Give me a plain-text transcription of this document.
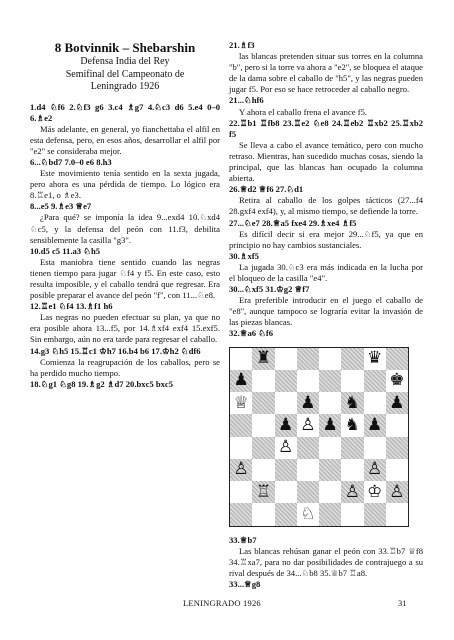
8 Botvinnik – Shebarshin
Defensa India del Rey
Semifinal del Campeonato de
Leningrado 1926

1.d4 ♘f6 2.♘f3 g6 3.c4 ♗g7 4.♘c3 d6 5.e4 0–0 6.♗e2

Más adelante, en general, yo fianchettaba el alfil en esta defensa, pero, en esos años, desarrollar el alfil por "e2" se consideraba mejor.

6...♘bd7 7.0–0 e6 8.h3

Este movimiento tenía sentido en la sexta jugada, pero ahora es una pérdida de tiempo. Lo lógico era 8.♖e1, o ♗e3.

8...e5 9.♗e3 ♕e7

¿Para qué? se imponía la idea 9...exd4 10.♘xd4 ♘c5, y la defensa del peón con 11.f3, debilita sensiblemente la casilla "g3".

10.d5 c5 11.a3 ♘h5

Esta maniobra tiene sentido cuando las negras tienen tiempo para jugar ♘f4 y f5. En este caso, esto resulta imposible, y el caballo tendrá que regresar. Era posible preparar el avance del peón "f", con 11...♘e8.

12.♖e1 ♘f4 13.♗f1 h6

Las negras no pueden efectuar su plan, ya que no era posible ahora 13...f5, por 14.♗xf4 exf4 15.exf5. Sin embargo, aún no era tarde para regresar el caballo.

14.g3 ♘h5 15.♖c1 ♔h7 16.b4 b6 17.♔h2 ♘df6

Comienza la reagrupación de los caballos, pero se ha perdido mucho tiempo.

18.♘g1 ♘g8 19.♗g2 ♗d7 20.bxc5 bxc5

21.♗f3

las blancas pretenden situar sus torres en la columna "b", pero si la torre va ahora a "e2", se bloquea el ataque de la dama sobre el caballo de "h5", y las negras pueden jugar f5. Por eso se hace retroceder al caballo negro.

21...♘hf6

Y ahora el caballo frena el avance f5.

22.♖b1 ♖fb8 23.♖e2 ♘e8 24.♖eb2 ♖xb2 25.♖xb2 f5

Se lleva a cabo el avance temático, pero con mucho retraso. Mientras, han sucedido muchas cosas, siendo la principal, que las blancas han ocupado la columna abierta.

26.♕d2 ♕f6 27.♘d1

Retira al caballo de los golpes tácticos (27...f4 28.gxf4 exf4), y, al mismo tiempo, se defiende la torre.

27...♘e7 28.♕a5 fxe4 29.♗xe4 ♗f5

Es difícil decir si era mejor 29...♘f5, ya que en principio no hay cambios sustanciales.

30.♗xf5

La jugada 30.♘c3 era más indicada en la lucha por el bloqueo de la casilla "e4".

30...♘xf5 31.♔g2 ♕f7

Era preferible introducir en el juego el caballo de "e8", aunque tampoco se lograría evitar la invasión de las piezas blancas.

32.♕a6 ♘f6

♜	♛
♟	♚
♕	♟ ♞ ♟
♟ ♙ ♟ ♞ ♟
♙
♙	♙
♖	♙ ♔ ♙
♘

33.♕b7

Las blancas rehúsan ganar el peón con 33.♖b7 ♕f8 34.♖xa7, para no dar posibilidades de contrajuego a su rival después de 34...♘b8 35.♕b7 ♖a8.

33...♕g8

LENINGRADO 1926	31
